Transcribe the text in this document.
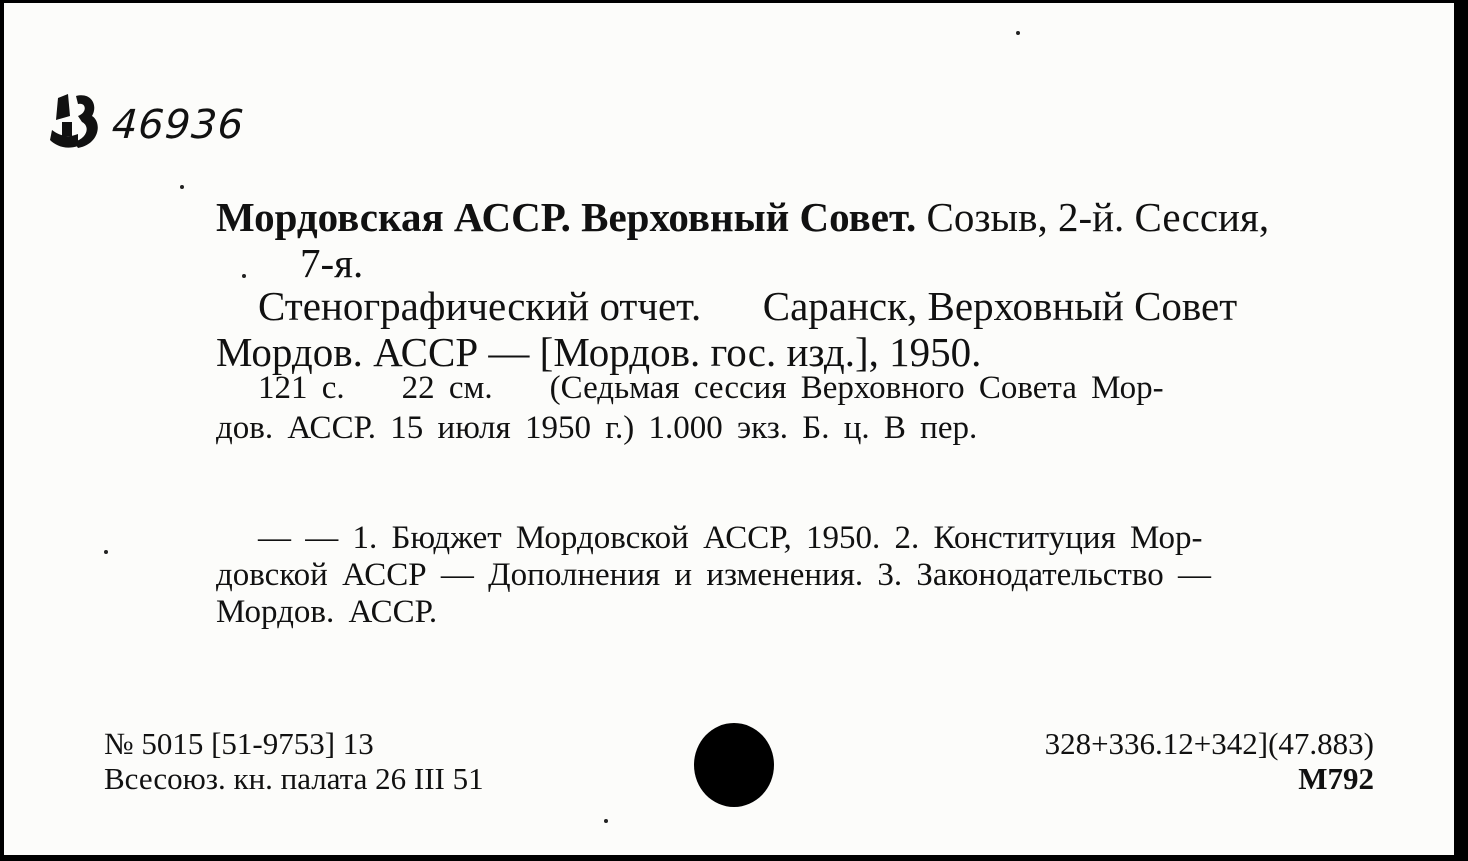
46936
Мордовская АССР. Верховный Совет. Созыв, 2-й. Сессия,
7-я.
Стенографический отчет.      Саранск, Верховный Совет
Мордов. АССР — [Мордов. гос. изд.], 1950.
121 с.    22 см.    (Седьмая сессия Верховного Совета Мор-
дов. АССР. 15 июля 1950 г.) 1.000 экз. Б. ц. В пер.
— — 1. Бюджет Мордовской АССР, 1950. 2. Конституция Мор-
довской АССР — Дополнения и изменения. 3. Законодательство —
Мордов. АССР.
№ 5015 [51-9753] 13
Всесоюз. кн. палата 26 III 51
328+336.12+342](47.883)
M792
